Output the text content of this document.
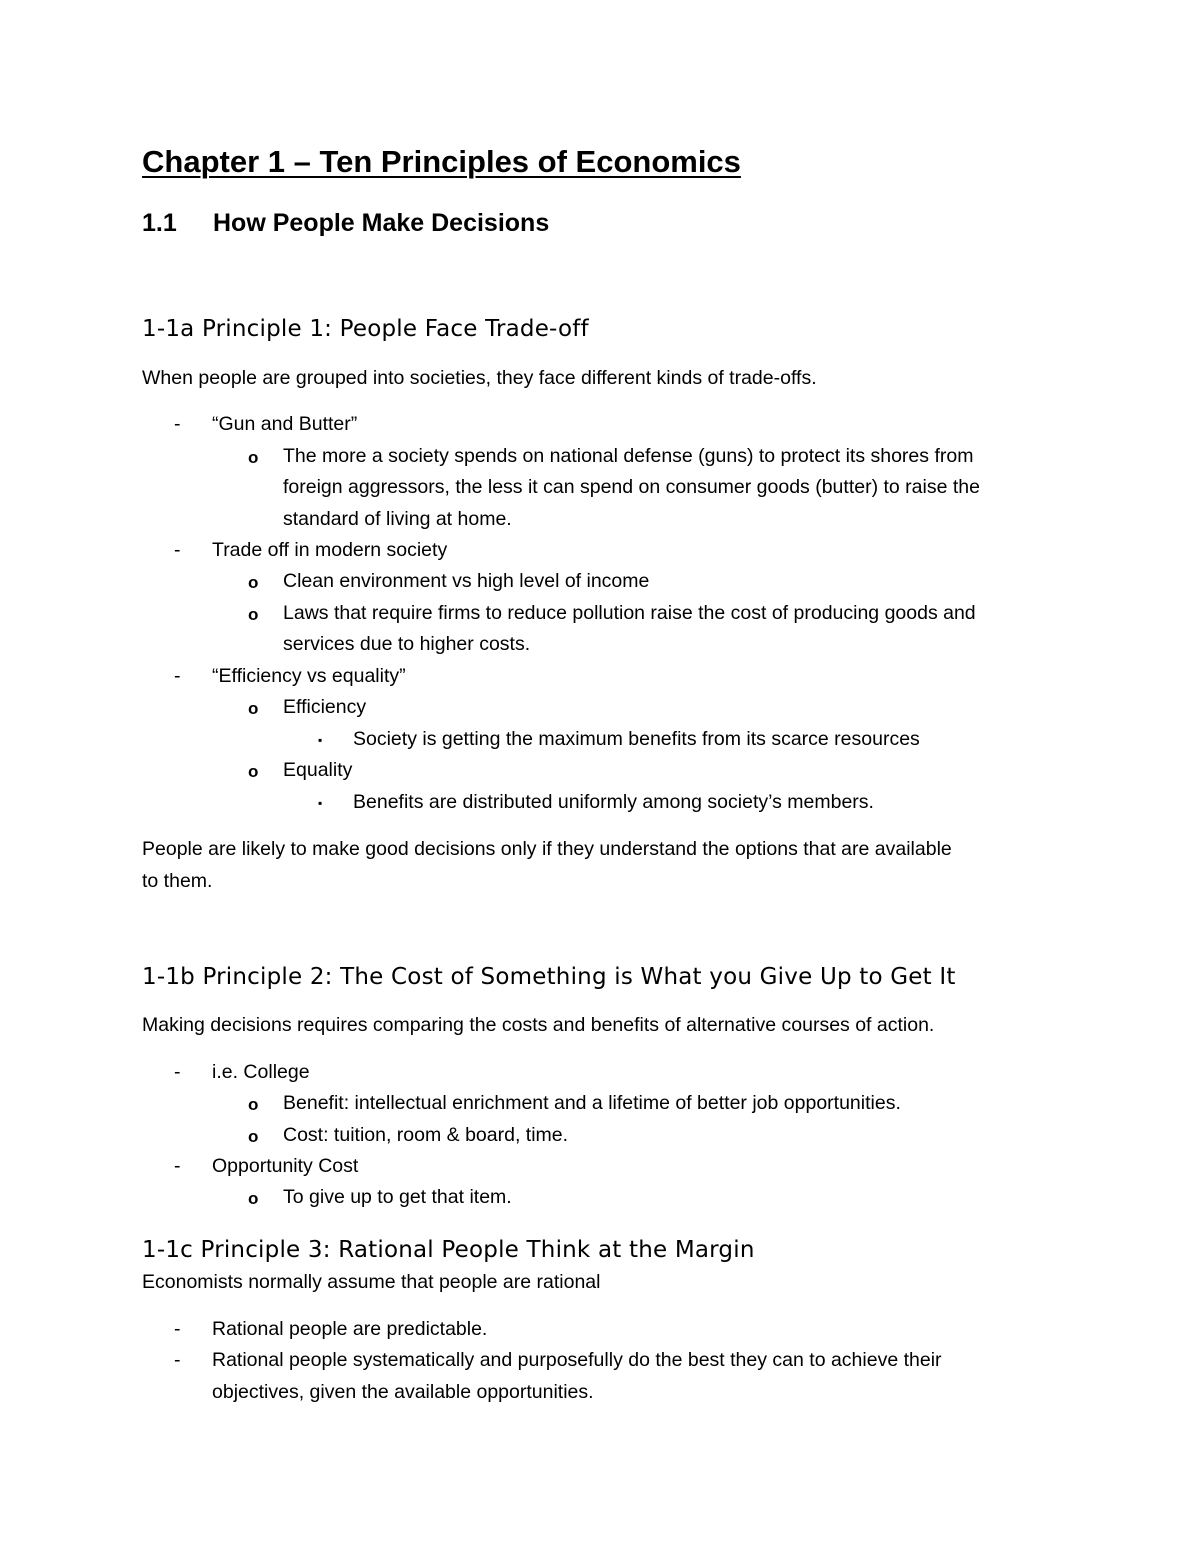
Chapter 1 – Ten Principles of Economics
1.1 How People Make Decisions
1-1a Principle 1: People Face Trade-off
When people are grouped into societies, they face different kinds of trade-offs.
- “Gun and Butter”
o The more a society spends on national defense (guns) to protect its shores from
foreign aggressors, the less it can spend on consumer goods (butter) to raise the
standard of living at home.
- Trade off in modern society
o Clean environment vs high level of income
o Laws that require firms to reduce pollution raise the cost of producing goods and
services due to higher costs.
- “Efficiency vs equality”
o Efficiency
▪ Society is getting the maximum benefits from its scarce resources
o Equality
▪ Benefits are distributed uniformly among society’s members.
People are likely to make good decisions only if they understand the options that are available
to them.
1-1b Principle 2: The Cost of Something is What you Give Up to Get It
Making decisions requires comparing the costs and benefits of alternative courses of action.
- i.e. College
o Benefit: intellectual enrichment and a lifetime of better job opportunities.
o Cost: tuition, room & board, time.
- Opportunity Cost
o To give up to get that item.
1-1c Principle 3: Rational People Think at the Margin
Economists normally assume that people are rational
- Rational people are predictable.
- Rational people systematically and purposefully do the best they can to achieve their
objectives, given the available opportunities.
